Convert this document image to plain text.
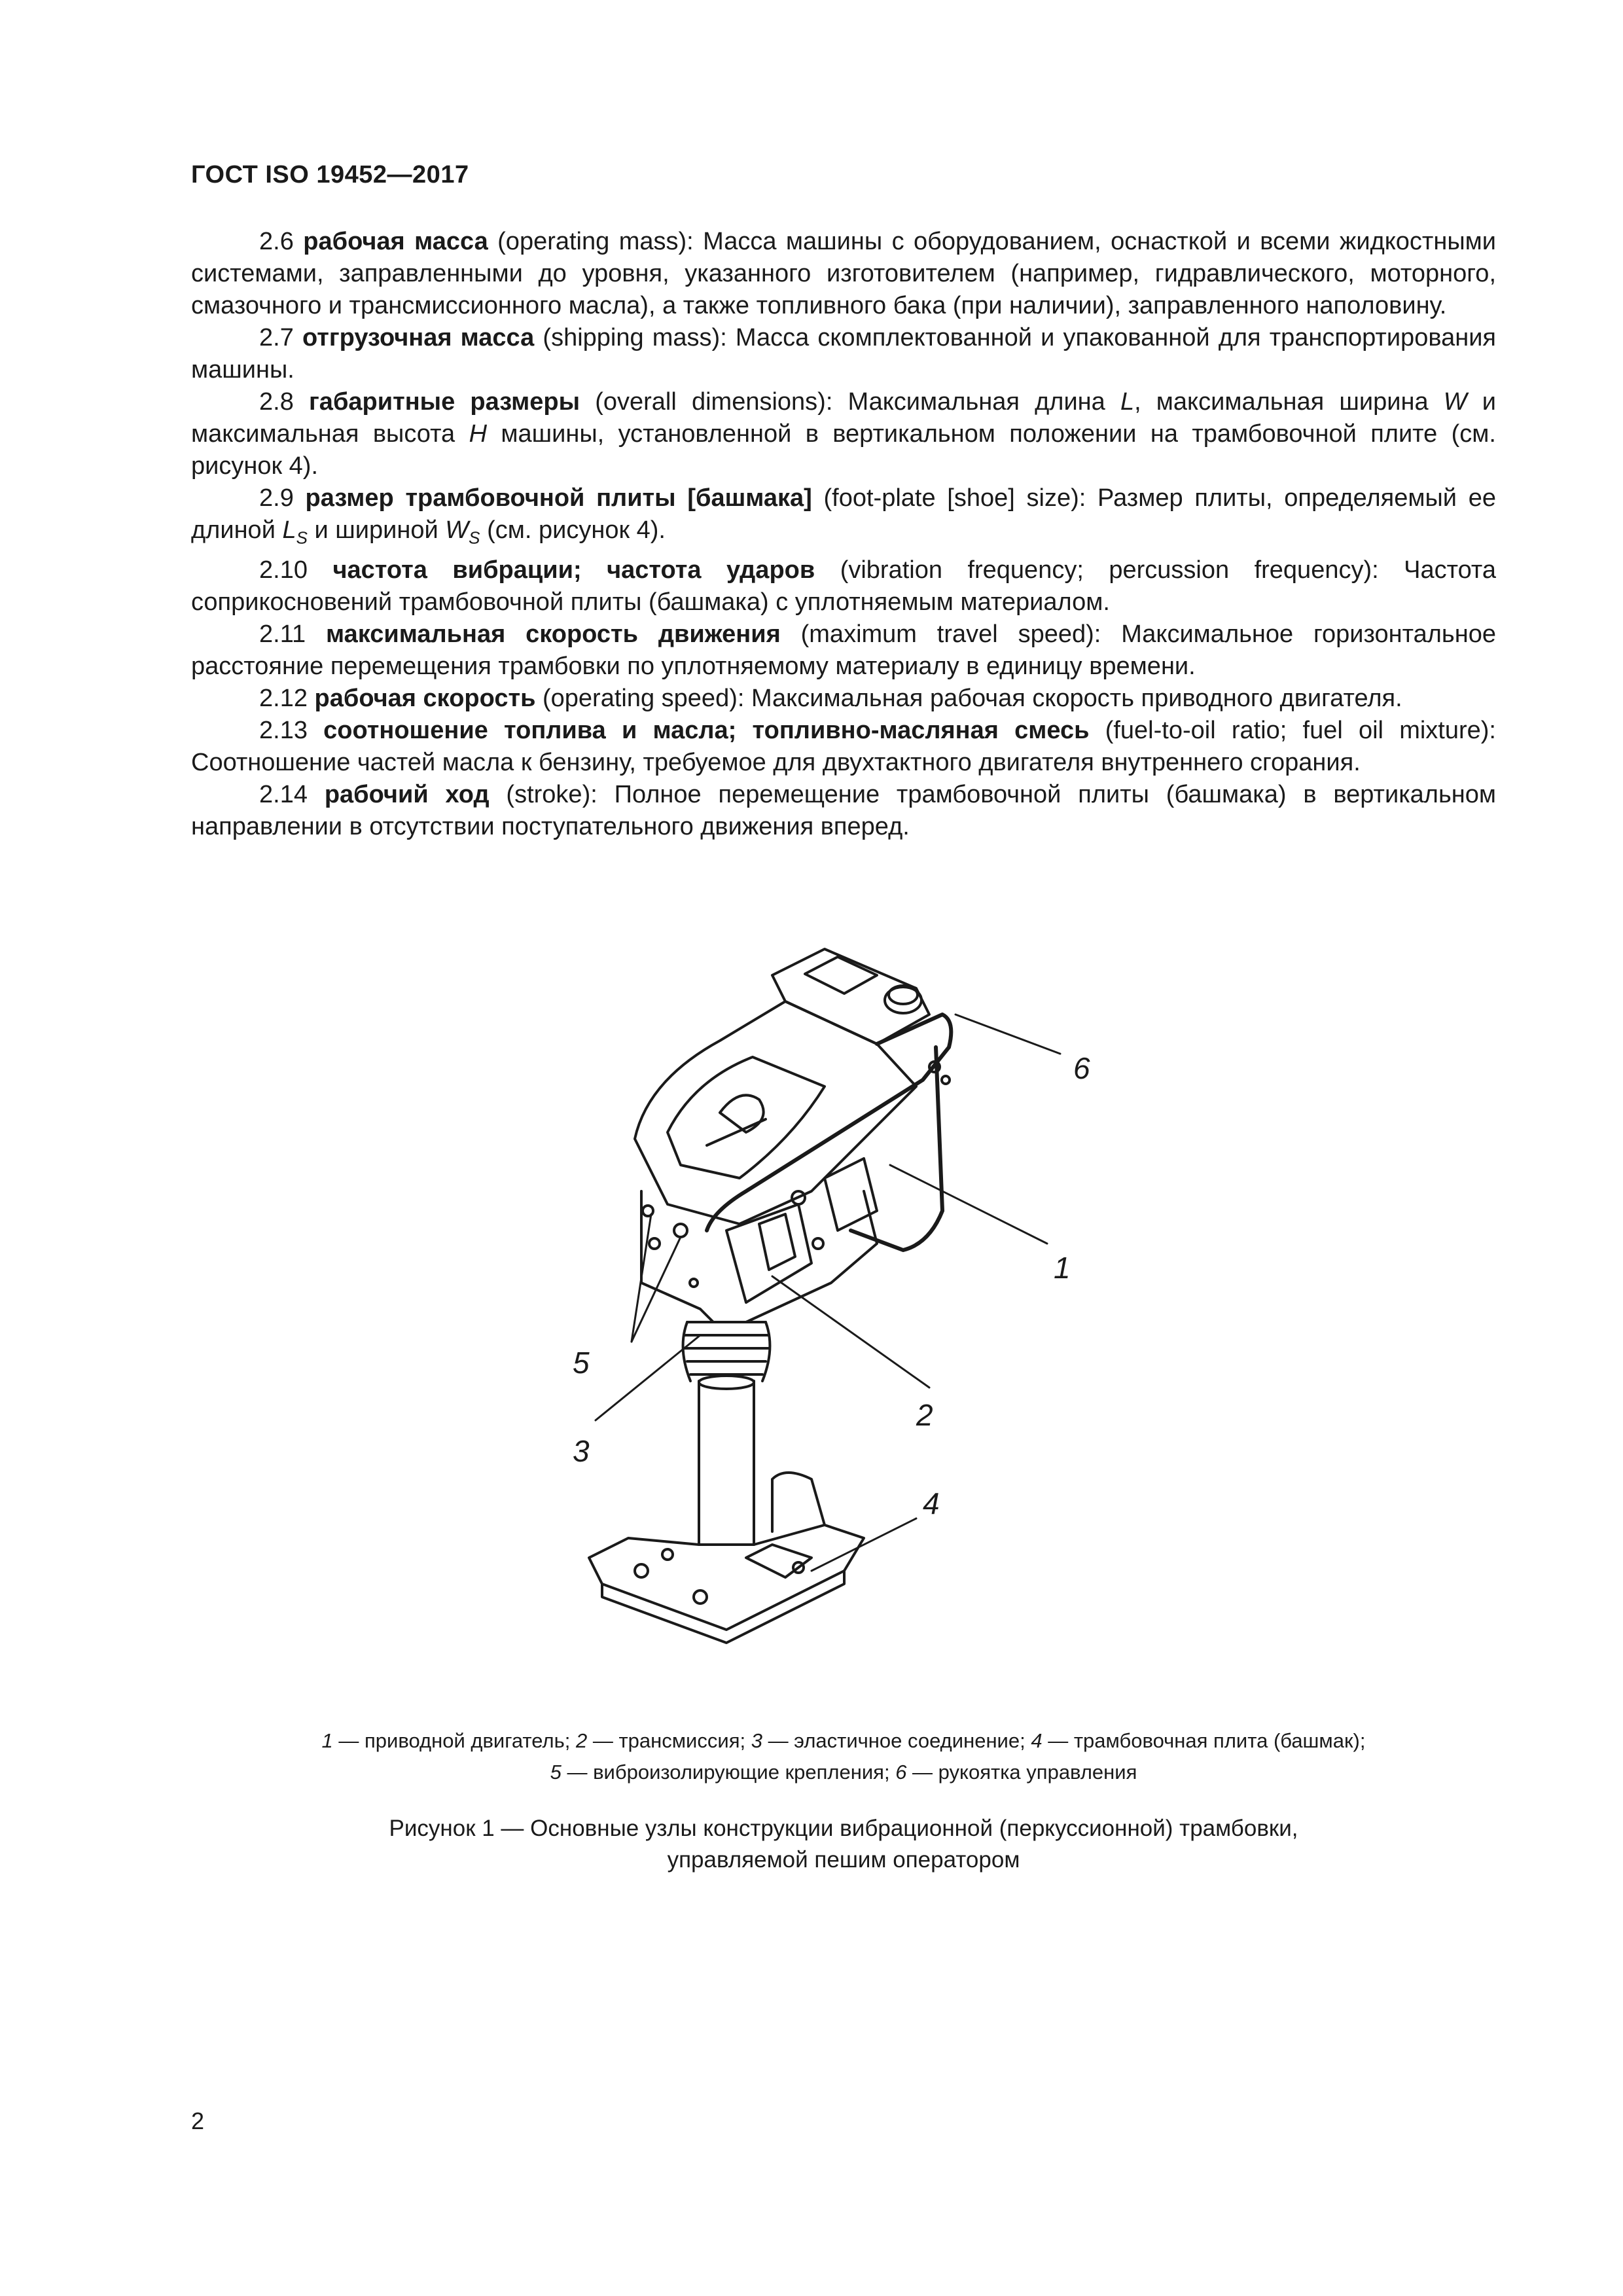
ГОСТ ISO 19452—2017

2.6 рабочая масса (operating mass): Масса машины с оборудованием, оснасткой и всеми жидкостными системами, заправленными до уровня, указанного изготовителем (например, гидравлического, моторного, смазочного и трансмиссионного масла), а также топливного бака (при наличии), заправленного наполовину.

2.7 отгрузочная масса (shipping mass): Масса скомплектованной и упакованной для транспортирования машины.

2.8 габаритные размеры (overall dimensions): Максимальная длина L, максимальная ширина W и максимальная высота H машины, установленной в вертикальном положении на трамбовочной плите (см. рисунок 4).

2.9 размер трамбовочной плиты [башмака] (foot-plate [shoe] size): Размер плиты, определяемый ее длиной $L_S$ и шириной $W_S$ (см. рисунок 4).

2.10 частота вибрации; частота ударов (vibration frequency; percussion frequency): Частота соприкосновений трамбовочной плиты (башмака) с уплотняемым материалом.

2.11 максимальная скорость движения (maximum travel speed): Максимальное горизонтальное расстояние перемещения трамбовки по уплотняемому материалу в единицу времени.

2.12 рабочая скорость (operating speed): Максимальная рабочая скорость приводного двигателя.

2.13 соотношение топлива и масла; топливно-масляная смесь (fuel-to-oil ratio; fuel oil mixture): Соотношение частей масла к бензину, требуемое для двухтактного двигателя внутреннего сгорания.

2.14 рабочий ход (stroke): Полное перемещение трамбовочной плиты (башмака) в вертикальном направлении в отсутствии поступательного движения вперед.

1
2
3
4
5
6
1 — приводной двигатель; 2 — трансмиссия; 3 — эластичное соединение; 4 — трамбовочная плита (башмак);
5 — виброизолирующие крепления; 6 — рукоятка управления
Рисунок 1 — Основные узлы конструкции вибрационной (перкуссионной) трамбовки,
управляемой пешим оператором
2
